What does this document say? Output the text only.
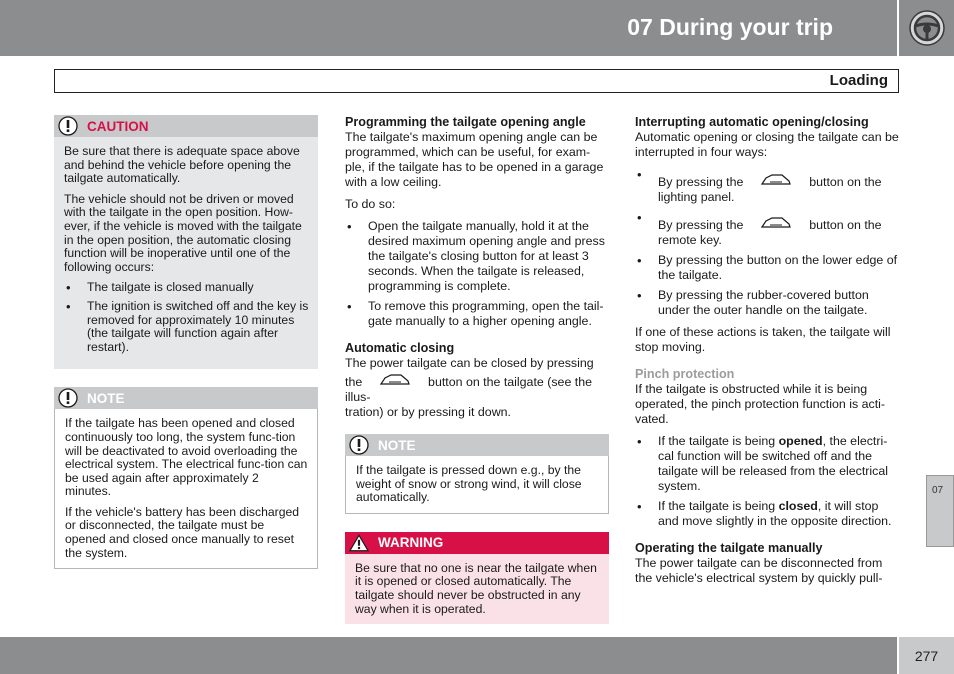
07 During your trip
Loading
CAUTION

Be sure that there is adequate space above and behind the vehicle before opening the tailgate automatically.

The vehicle should not be driven or moved with the tailgate in the open position. How-ever, if the vehicle is moved with the tailgate in the open position, the automatic closing function will be inoperative until one of the following occurs:

• The tailgate is closed manually
• The ignition is switched off and the key is removed for approximately 10 minutes (the tailgate will function again after restart).
NOTE

If the tailgate has been opened and closed continuously too long, the system func-tion will be deactivated to avoid overloading the electrical system. The electrical func-tion can be used again after approximately 2 minutes.

If the vehicle's battery has been discharged or disconnected, the tailgate must be opened and closed once manually to reset the system.

Programming the tailgate opening angle

The tailgate's maximum opening angle can be programmed, which can be useful, for exam-ple, if the tailgate has to be opened in a garage with a low ceiling.

To do so:

• Open the tailgate manually, hold it at the desired maximum opening angle and press the tailgate's closing button for at least 3 seconds. When the tailgate is released, programming is complete.
• To remove this programming, open the tail-gate manually to a higher opening angle.
Automatic closing

The power tailgate can be closed by pressing

the	button on the tailgate (see the illus-

tration) or by pressing it down.

NOTE

If the tailgate is pressed down e.g., by the weight of snow or strong wind, it will close automatically.

WARNING

Be sure that no one is near the tailgate when it is opened or closed automatically. The tailgate should never be obstructed in any way when it is operated.

Interrupting automatic opening/closing

Automatic opening or closing the tailgate can be interrupted in four ways:

• By pressing the	button on the
lighting panel.
• By pressing the	button on the
remote key.
• By pressing the button on the lower edge of the tailgate.
• By pressing the rubber-covered button under the outer handle on the tailgate.

If one of these actions is taken, the tailgate will stop moving.

Pinch protection

If the tailgate is obstructed while it is being operated, the pinch protection function is acti-vated.

• If the tailgate is being opened, the electri-cal function will be switched off and the tailgate will be released from the electrical system.
• If the tailgate is being closed, it will stop and move slightly in the opposite direction.
Operating the tailgate manually

The power tailgate can be disconnected from the vehicle's electrical system by quickly pull-

07
277
